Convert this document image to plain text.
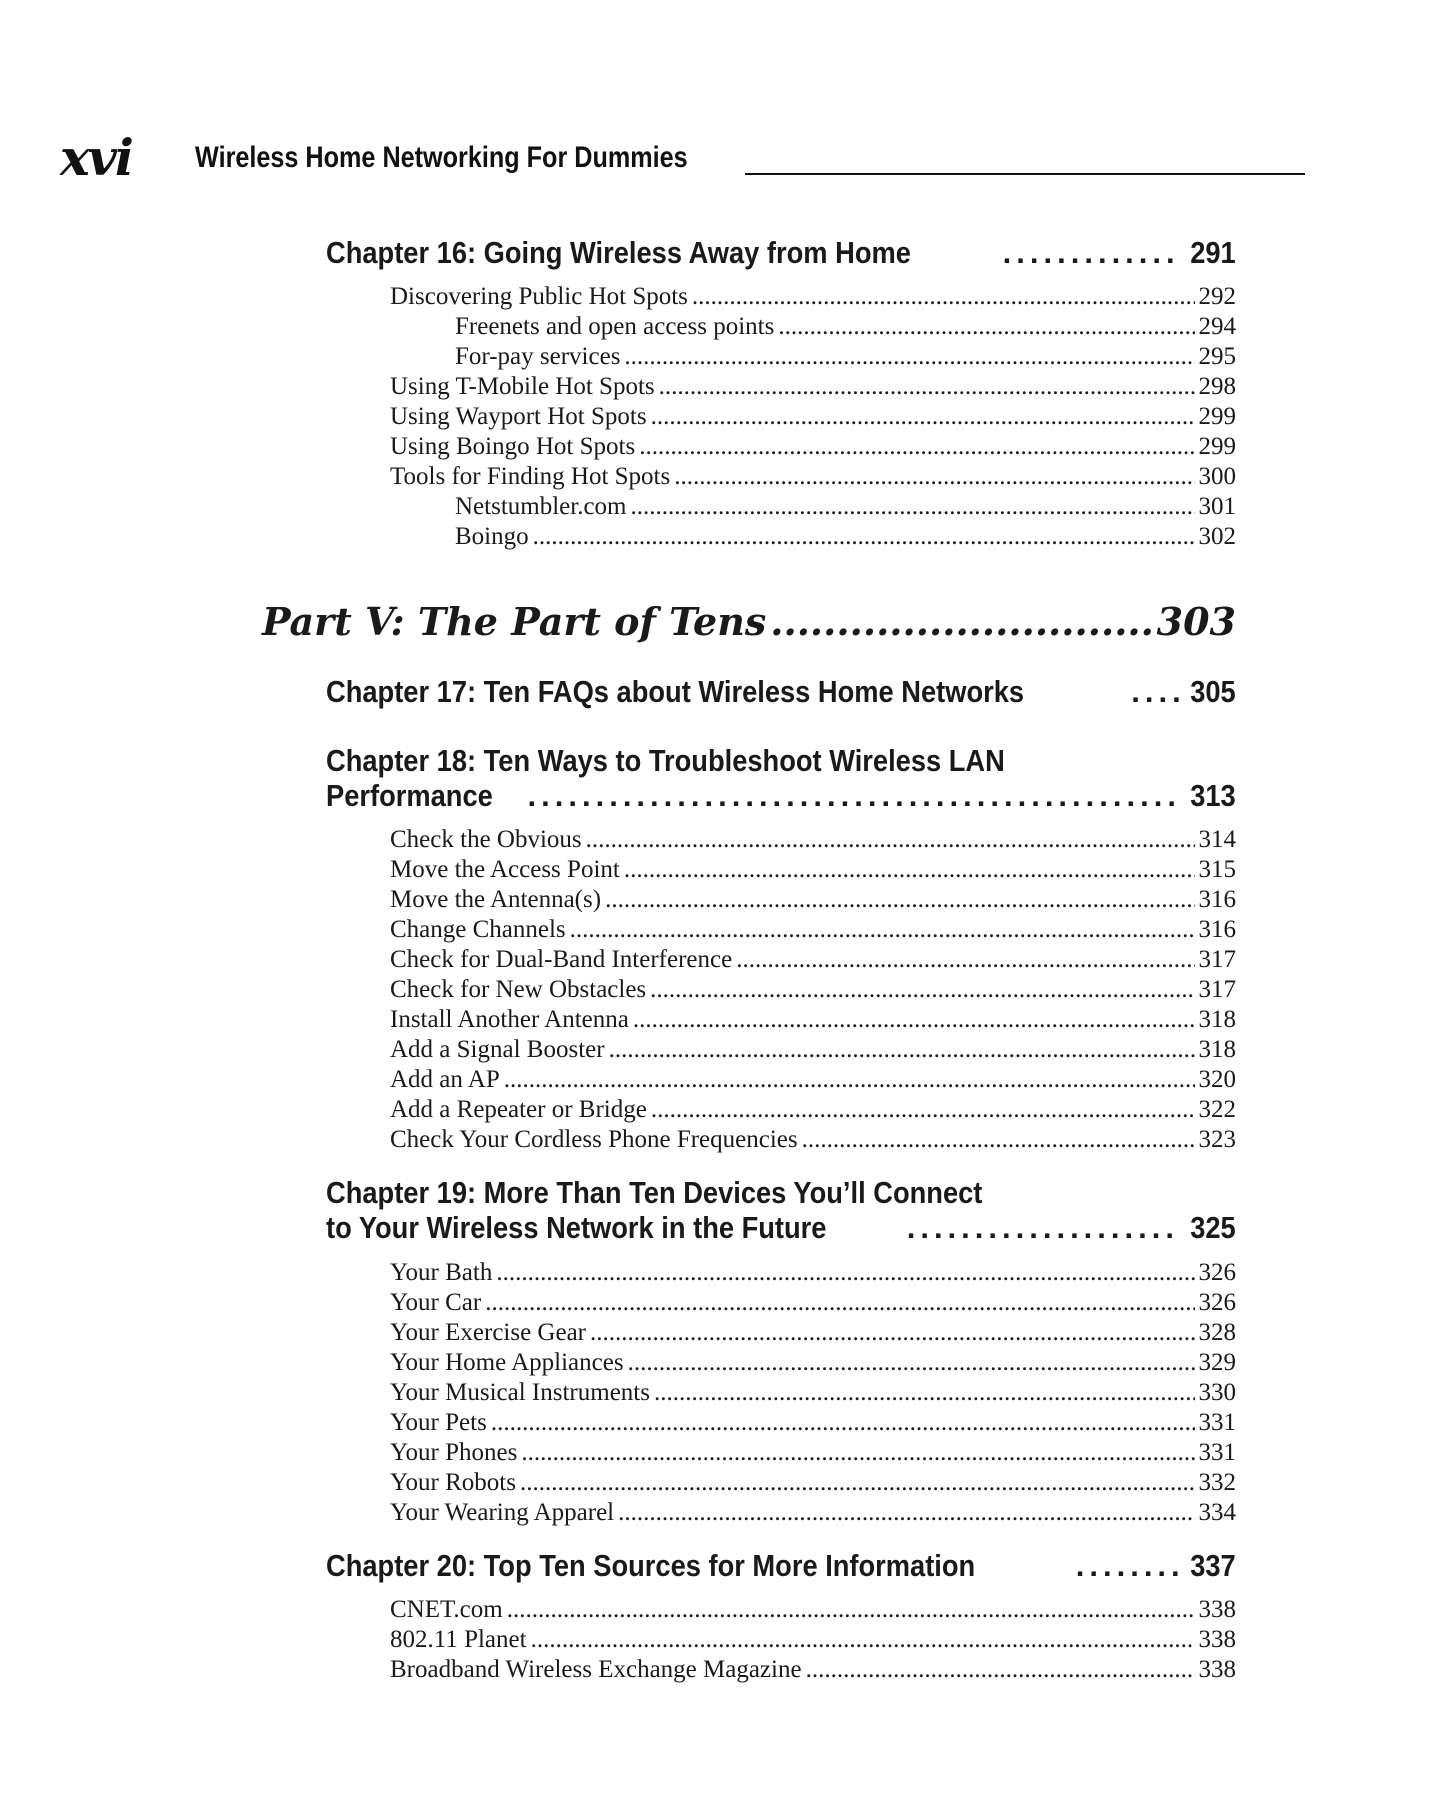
xvi Wireless Home Networking For Dummies
Chapter 16: Going Wireless Away from Home .....	291
Discovering Public Hot Spots .....	292
Freenets and open access points .....	294
For-pay services .....	295
Using T-Mobile Hot Spots .....	298
Using Wayport Hot Spots .....	299
Using Boingo Hot Spots .....	299
Tools for Finding Hot Spots .....	300
Netstumbler.com .....	301
Boingo .....	302
Part V: The Part of Tens .....	303
Chapter 17: Ten FAQs about Wireless Home Networks .....	305
Chapter 18: Ten Ways to Troubleshoot Wireless LAN
Performance .....	313
Check the Obvious .....	314
Move the Access Point .....	315
Move the Antenna(s) .....	316
Change Channels .....	316
Check for Dual-Band Interference .....	317
Check for New Obstacles .....	317
Install Another Antenna .....	318
Add a Signal Booster .....	318
Add an AP .....	320
Add a Repeater or Bridge .....	322
Check Your Cordless Phone Frequencies .....	323
Chapter 19: More Than Ten Devices You’ll Connect
to Your Wireless Network in the Future .....	325
Your Bath .....	326
Your Car .....	326
Your Exercise Gear .....	328
Your Home Appliances .....	329
Your Musical Instruments .....	330
Your Pets .....	331
Your Phones .....	331
Your Robots .....	332
Your Wearing Apparel .....	334
Chapter 20: Top Ten Sources for More Information .....	337
CNET.com .....	338
802.11 Planet .....	338
Broadband Wireless Exchange Magazine .....	338
